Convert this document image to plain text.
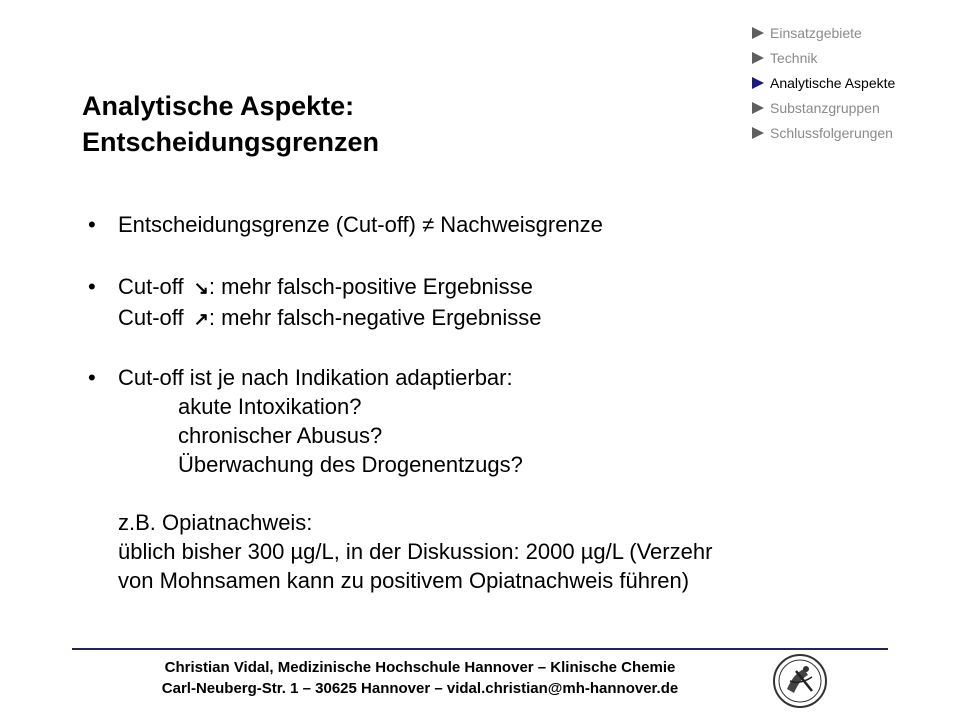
Einsatzgebiete
Technik
Analytische Aspekte
Substanzgruppen
Schlussfolgerungen
Analytische Aspekte:
Entscheidungsgrenzen
• Entscheidungsgrenze (Cut-off) ≠ Nachweisgrenze
• Cut-off ↘: mehr falsch-positive Ergebnisse
Cut-off ↗: mehr falsch-negative Ergebnisse
• Cut-off ist je nach Indikation adaptierbar:
akute Intoxikation?
chronischer Abusus?
Überwachung des Drogenentzugs?
z.B. Opiatnachweis:
üblich bisher 300 µg/L, in der Diskussion: 2000 µg/L (Verzehr
von Mohnsamen kann zu positivem Opiatnachweis führen)
Christian Vidal, Medizinische Hochschule Hannover – Klinische Chemie
Carl-Neuberg-Str. 1 – 30625 Hannover – vidal.christian@mh-hannover.de
